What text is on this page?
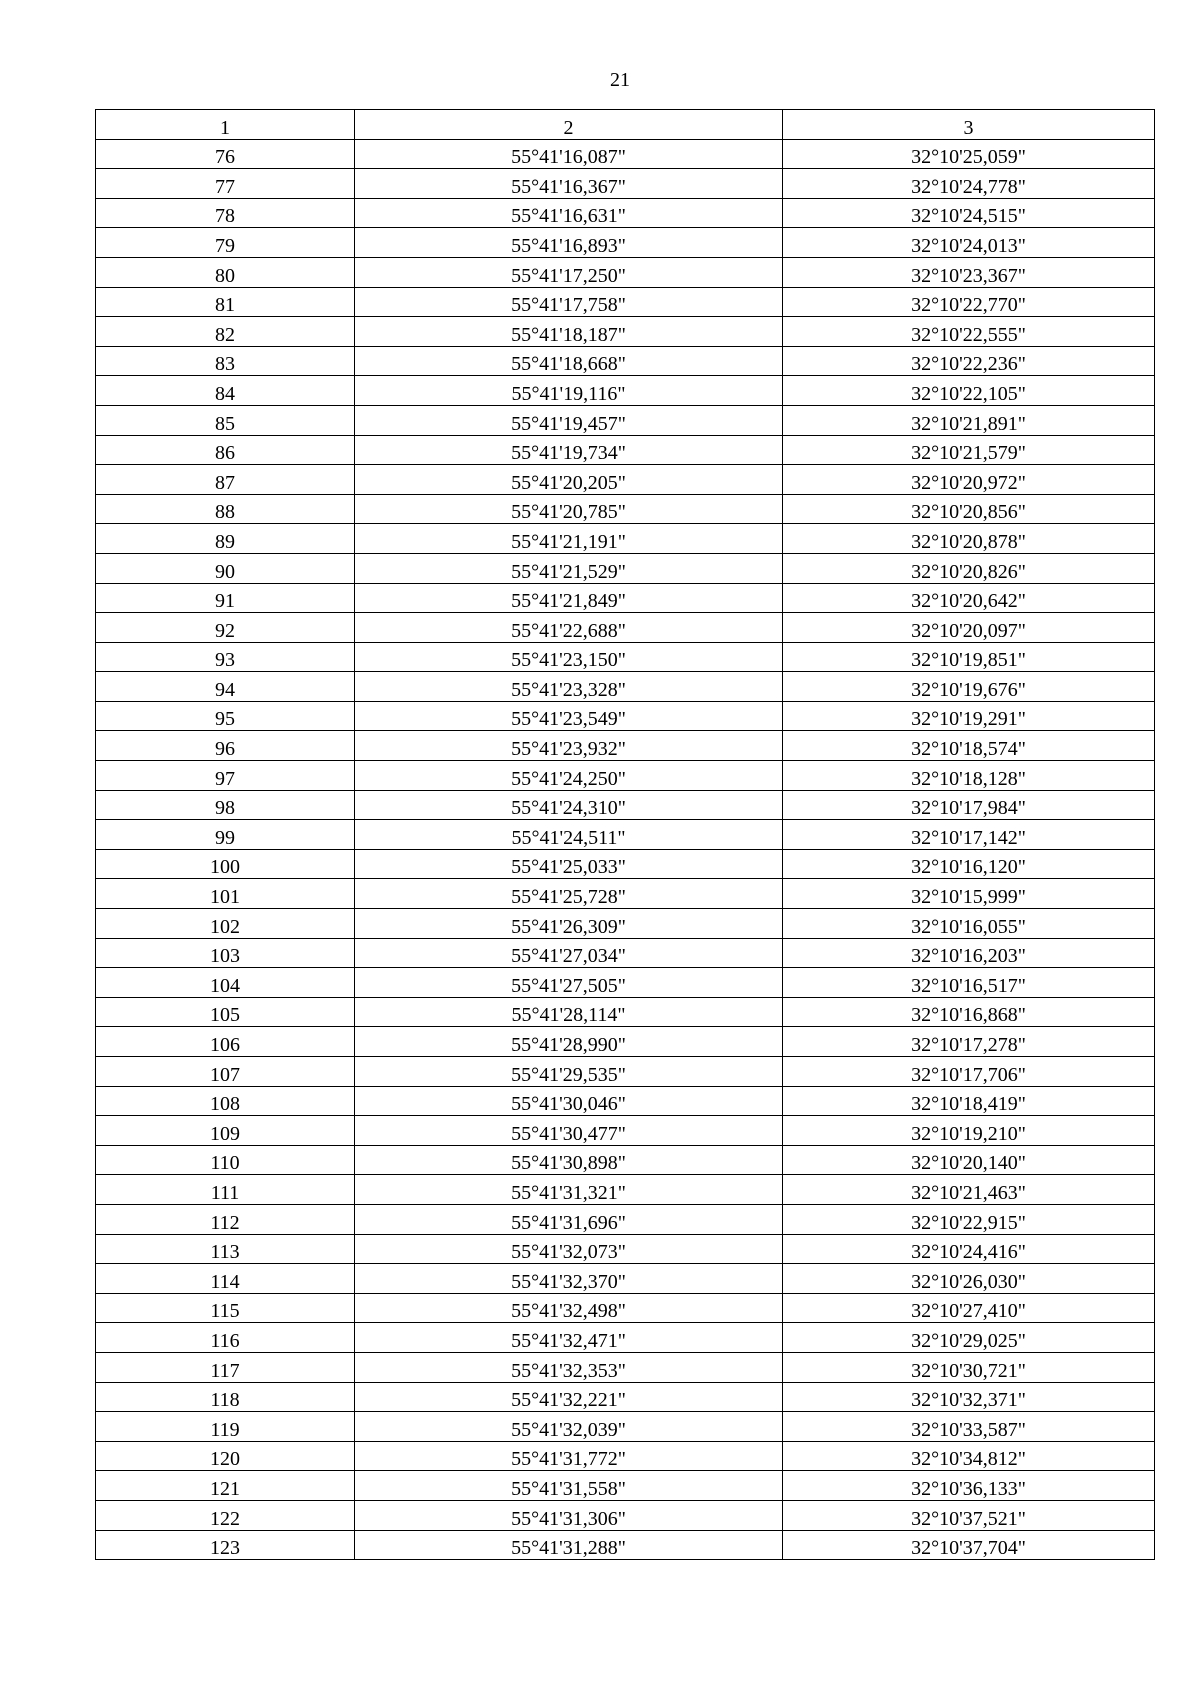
21
1	2	3
76	55°41'16,087"	32°10'25,059"
77	55°41'16,367"	32°10'24,778"
78	55°41'16,631"	32°10'24,515"
79	55°41'16,893"	32°10'24,013"
80	55°41'17,250"	32°10'23,367"
81	55°41'17,758"	32°10'22,770"
82	55°41'18,187"	32°10'22,555"
83	55°41'18,668"	32°10'22,236"
84	55°41'19,116"	32°10'22,105"
85	55°41'19,457"	32°10'21,891"
86	55°41'19,734"	32°10'21,579"
87	55°41'20,205"	32°10'20,972"
88	55°41'20,785"	32°10'20,856"
89	55°41'21,191"	32°10'20,878"
90	55°41'21,529"	32°10'20,826"
91	55°41'21,849"	32°10'20,642"
92	55°41'22,688"	32°10'20,097"
93	55°41'23,150"	32°10'19,851"
94	55°41'23,328"	32°10'19,676"
95	55°41'23,549"	32°10'19,291"
96	55°41'23,932"	32°10'18,574"
97	55°41'24,250"	32°10'18,128"
98	55°41'24,310"	32°10'17,984"
99	55°41'24,511"	32°10'17,142"
100	55°41'25,033"	32°10'16,120"
101	55°41'25,728"	32°10'15,999"
102	55°41'26,309"	32°10'16,055"
103	55°41'27,034"	32°10'16,203"
104	55°41'27,505"	32°10'16,517"
105	55°41'28,114"	32°10'16,868"
106	55°41'28,990"	32°10'17,278"
107	55°41'29,535"	32°10'17,706"
108	55°41'30,046"	32°10'18,419"
109	55°41'30,477"	32°10'19,210"
110	55°41'30,898"	32°10'20,140"
111	55°41'31,321"	32°10'21,463"
112	55°41'31,696"	32°10'22,915"
113	55°41'32,073"	32°10'24,416"
114	55°41'32,370"	32°10'26,030"
115	55°41'32,498"	32°10'27,410"
116	55°41'32,471"	32°10'29,025"
117	55°41'32,353"	32°10'30,721"
118	55°41'32,221"	32°10'32,371"
119	55°41'32,039"	32°10'33,587"
120	55°41'31,772"	32°10'34,812"
121	55°41'31,558"	32°10'36,133"
122	55°41'31,306"	32°10'37,521"
123	55°41'31,288"	32°10'37,704"
